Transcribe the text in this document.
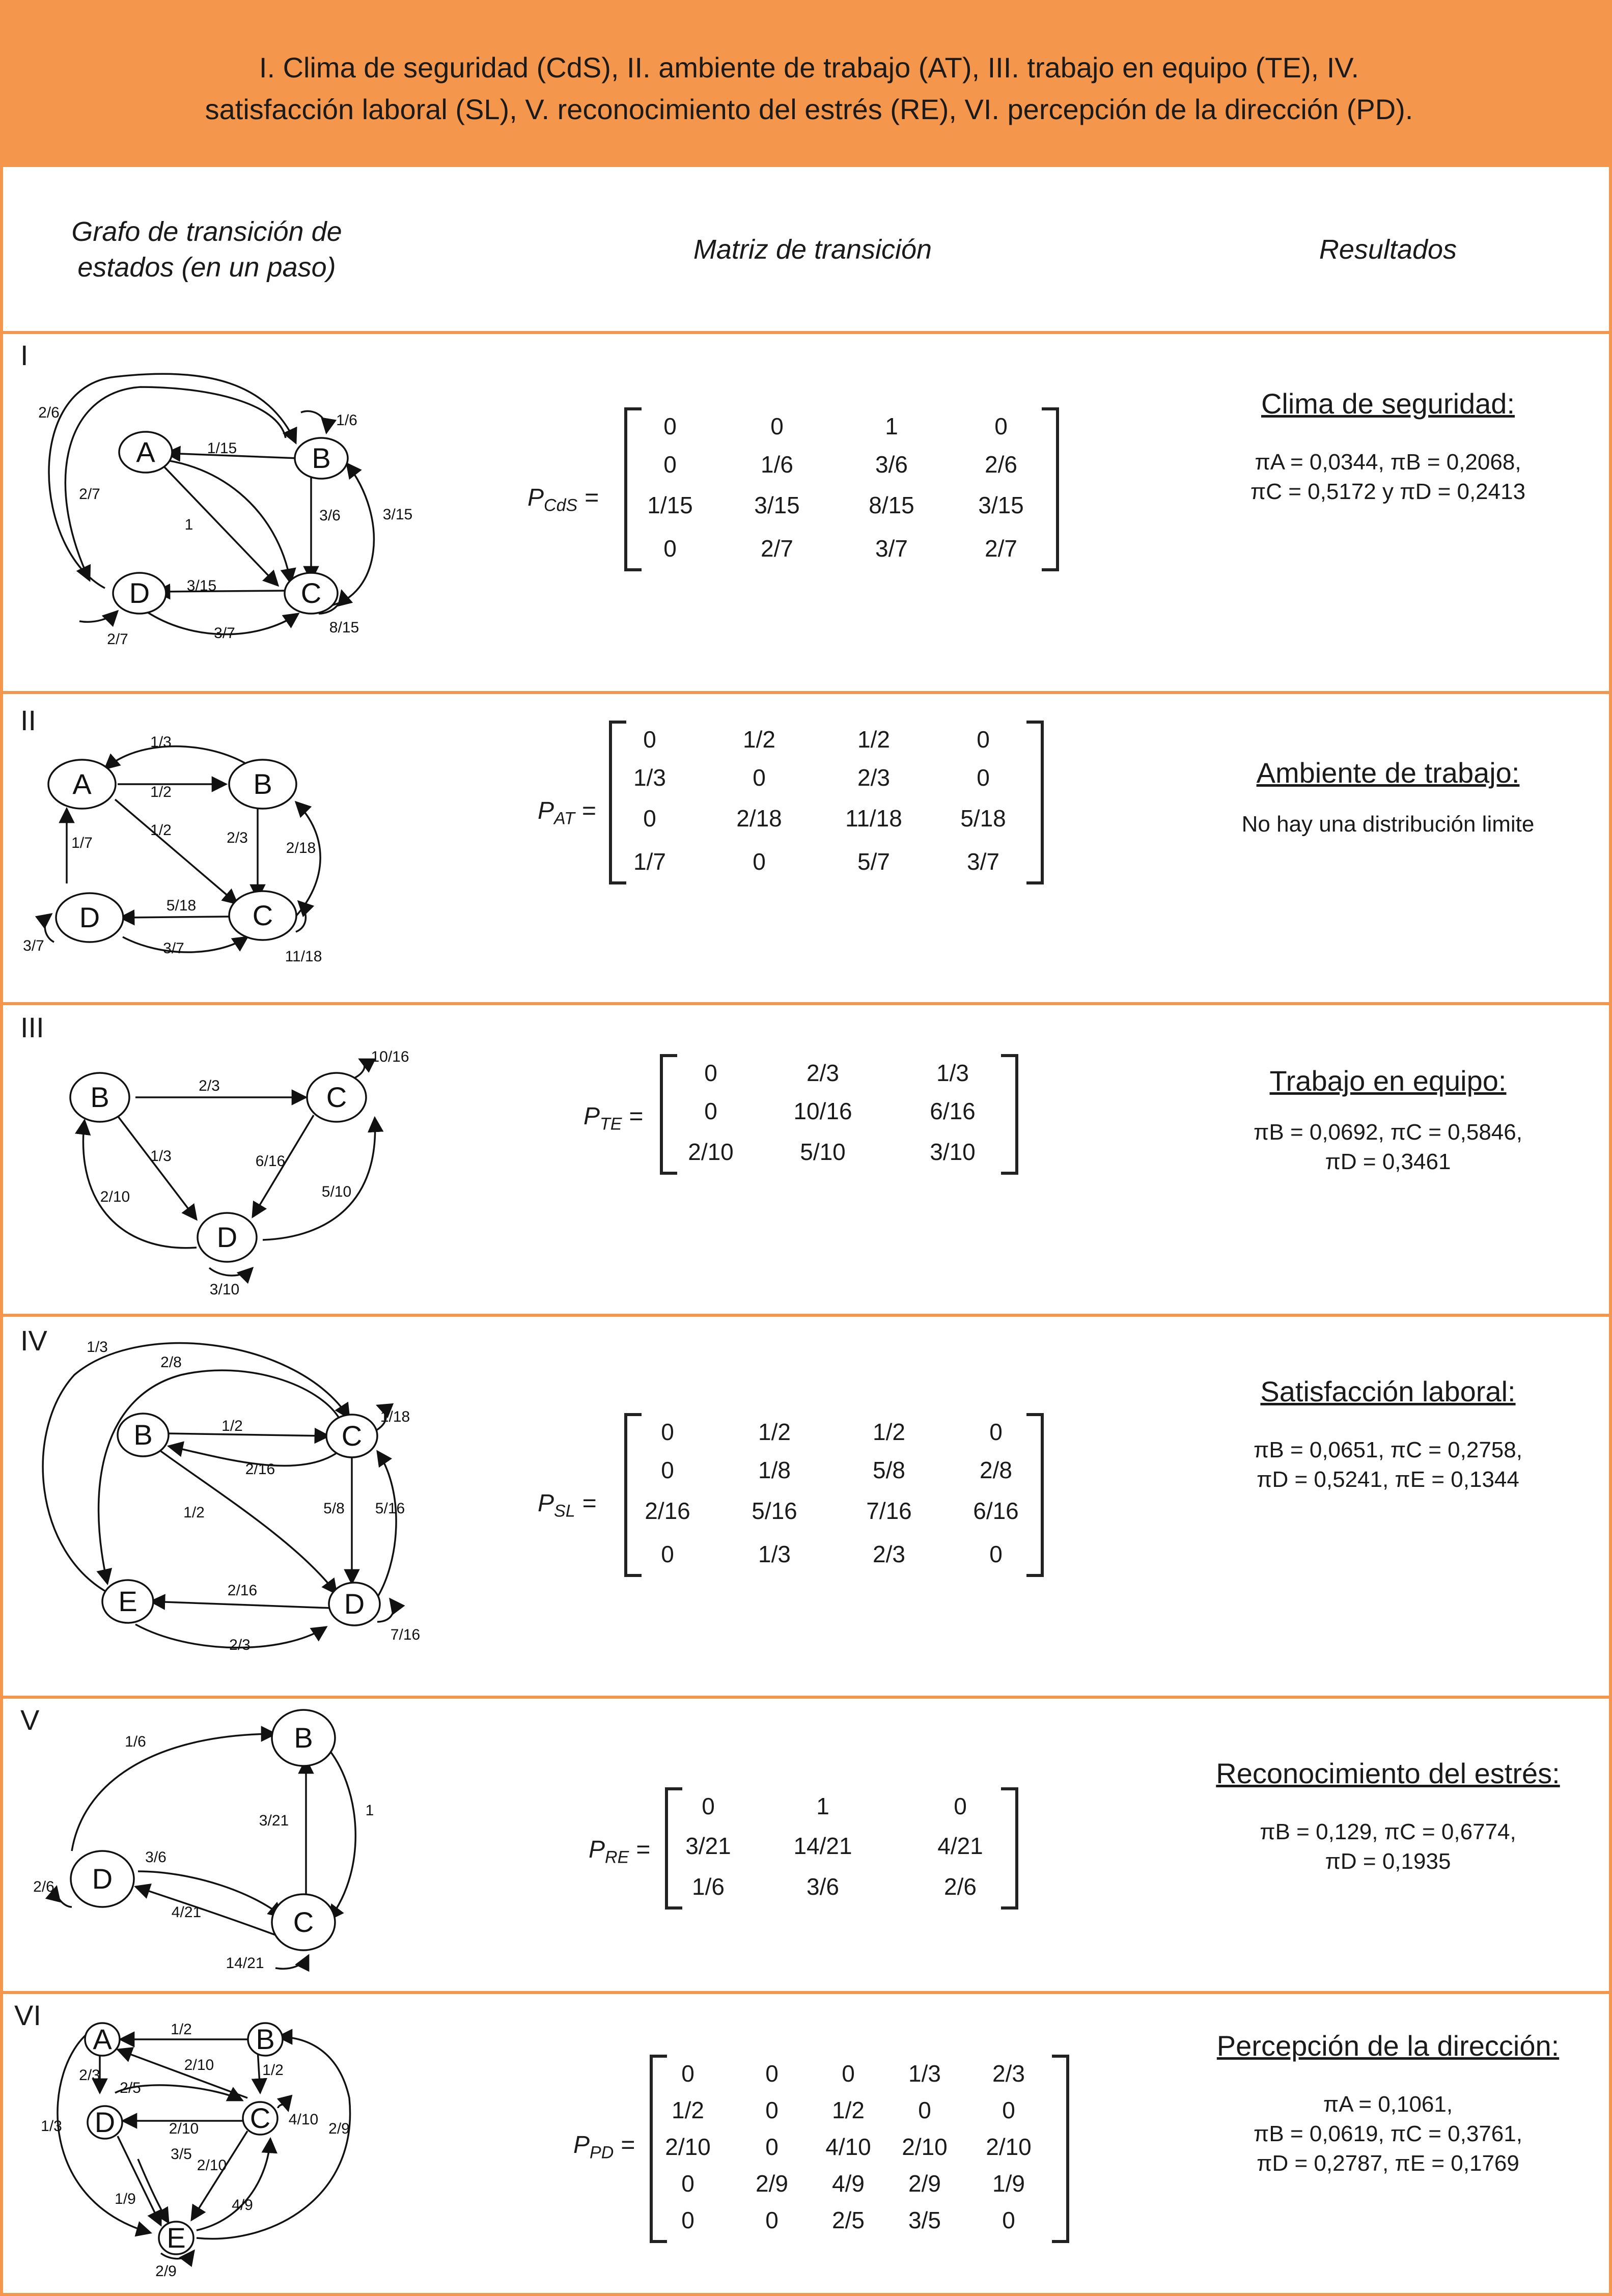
I. Clima de seguridad (CdS), II. ambiente de trabajo (AT), III. trabajo en equipo (TE), IV.
satisfacción laboral (SL), V. reconocimiento del estrés (RE), VI. percepción de la dirección (PD).
Grafo de transición de
estados (en un paso)
Matriz de transición	Resultados
I
II
III
IV
V
VI
A	B
C
D
2/6	1/6
1/15
2/7
1
3/6	3/15
3/15
2/7	3/7	8/15
A	B
C
D
1/3
1/2
1/2	2/3
2/18
1/7
5/18
3/7	3/7	11/18
B	C
D
2/3
10/16
1/3	6/16
2/10	5/10
3/10
B	C
D
E
1/3
2/8
1/18
1/2
2/16
1/2	5/8 5/16
2/16
2/3
7/16
B
C
D
1/6
3/21
1
3/6
2/6
4/21
14/21
A	B
C
D
E
1/2
2/3
2/10	1/2
1/3
2/5
2/10
4/10
2/9
3/5
2/10
1/9	4/9
2/9
$P_{CdS}$ =
0	0	1	0
0	1/6	3/6	2/6
1/15	3/15	8/15	3/15
0	2/7	3/7	2/7
$P_{AT}$ =
0	1/2	1/2	0
1/3	0	2/3	0
0	2/18	11/18	5/18
1/7	0	5/7	3/7
$P_{TE}$ =
0	2/3	1/3
0	10/16	6/16
2/10	5/10	3/10
$P_{SL}$ =
0	1/2	1/2	0
0	1/8	5/8	2/8
2/16	5/16	7/16	6/16
0	1/3	2/3	0
$P_{RE}$ =
0	1	0
3/21	14/21	4/21
1/6	3/6	2/6
$P_{PD}$ =
0	0	0	1/3	2/3
1/2	0	1/2	0	0
2/10	0	4/10	2/10	2/10
0	2/9	4/9	2/9	1/9
0	0	2/5	3/5	0
Clima de seguridad:
πA = 0,0344, πB = 0,2068,
πC = 0,5172 y πD = 0,2413
Ambiente de trabajo:
No hay una distribución limite
Trabajo en equipo:
πB = 0,0692, πC = 0,5846,
πD = 0,3461
Satisfacción laboral:
πB = 0,0651, πC = 0,2758,
πD = 0,5241, πE = 0,1344
Reconocimiento del estrés:
πB = 0,129, πC = 0,6774,
πD = 0,1935
Percepción de la dirección:
πA = 0,1061,
πB = 0,0619, πC = 0,3761,
πD = 0,2787, πE = 0,1769
